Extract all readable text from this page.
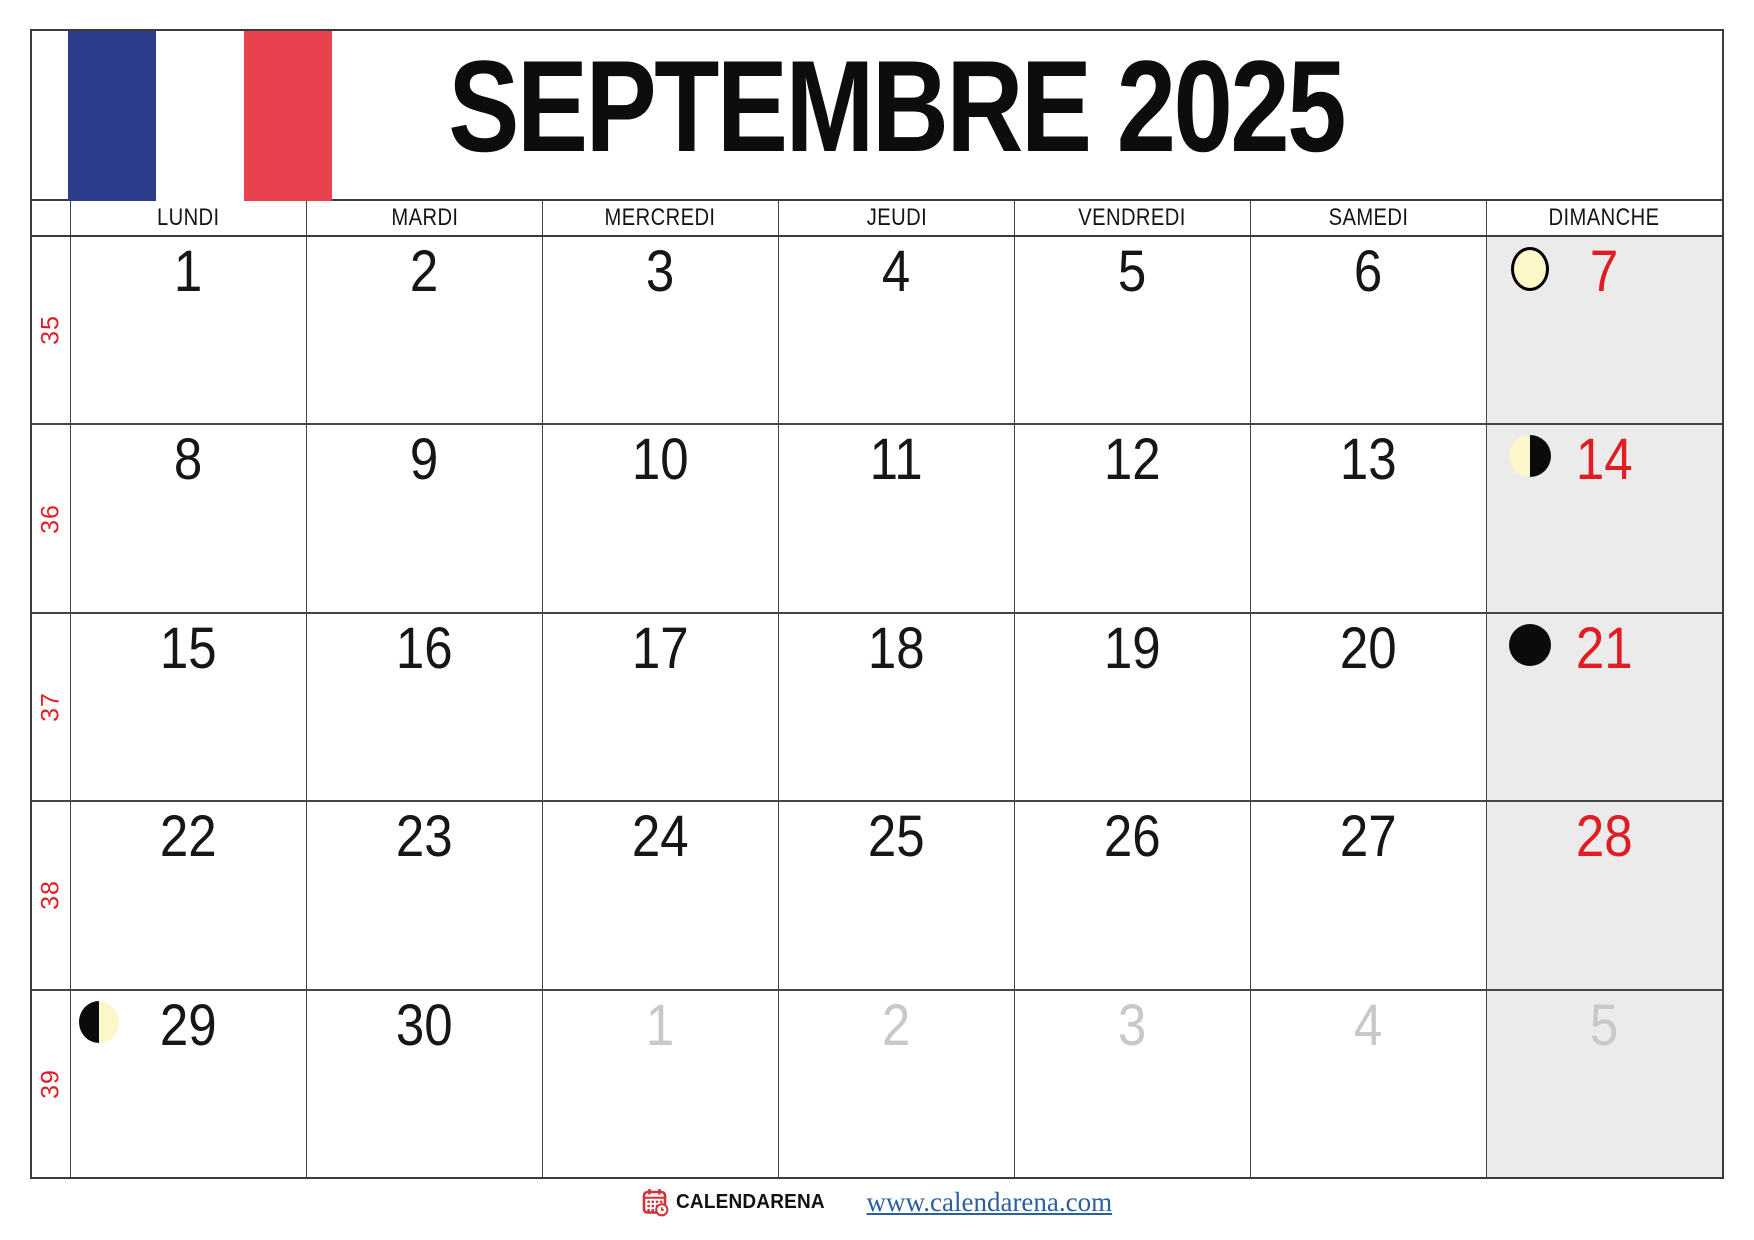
SEPTEMBRE 2025
LUNDI	MARDI	MERCREDI	JEUDI	VENDREDI	SAMEDI	DIMANCHE
35
1	2	3	4	5	6	7
36
8	9	10	11	12	13	14
37
15	16	17	18	19	20	21
38
22	23	24	25	26	27	28
39
29	30	1	2	3	4	5
CALENDARENA www.calendarena.com
